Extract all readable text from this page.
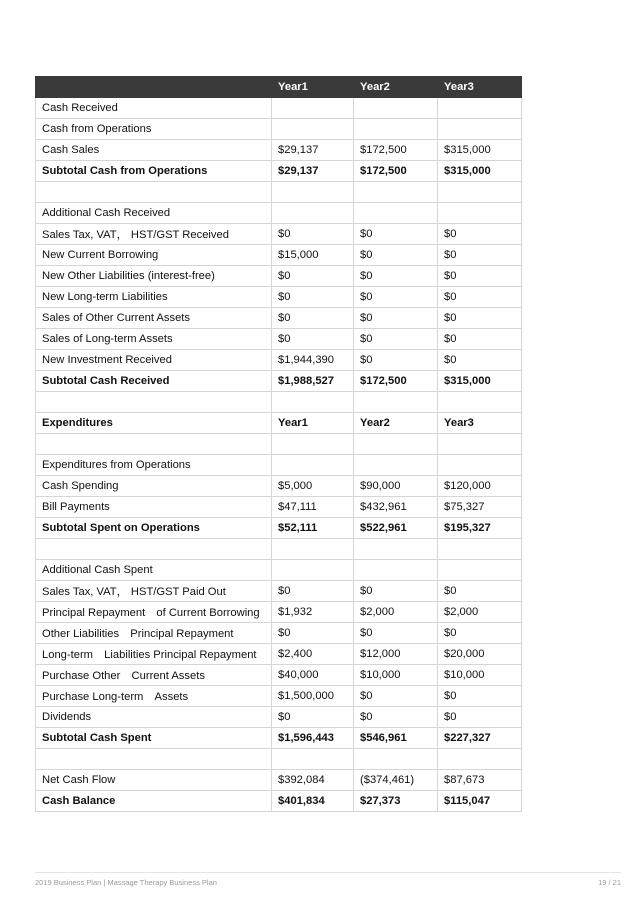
	Year1	Year2	Year3
Cash Received			
Cash from Operations			
Cash Sales	$29,137	$172,500	$315,000
Subtotal Cash from Operations	$29,137	$172,500	$315,000

Additional Cash Received			
Sales Tax, VAT， HST/GST Received	$0	$0	$0
New Current Borrowing	$15,000	$0	$0
New Other Liabilities (interest-free)	$0	$0	$0
New Long-term Liabilities	$0	$0	$0
Sales of Other Current Assets	$0	$0	$0
Sales of Long-term Assets	$0	$0	$0
New Investment Received	$1,944,390	$0	$0
Subtotal Cash Received	$1,988,527	$172,500	$315,000

Expenditures	Year1	Year2	Year3

Expenditures from Operations			
Cash Spending	$5,000	$90,000	$120,000
Bill Payments	$47,111	$432,961	$75,327
Subtotal Spent on Operations	$52,111	$522,961	$195,327

Additional Cash Spent			
Sales Tax, VAT， HST/GST Paid Out	$0	$0	$0
Principal Repayment　of Current Borrowing	$1,932	$2,000	$2,000
Other Liabilities　Principal Repayment	$0	$0	$0
Long-term　Liabilities Principal Repayment	$2,400	$12,000	$20,000
Purchase Other　Current Assets	$40,000	$10,000	$10,000
Purchase Long-term　Assets	$1,500,000	$0	$0
Dividends	$0	$0	$0
Subtotal Cash Spent	$1,596,443	$546,961	$227,327

Net Cash Flow	$392,084	($374,461)	$87,673
Cash Balance	$401,834	$27,373	$115,047
2019 Business Plan | Massage Therapy Business Plan	19 / 21
